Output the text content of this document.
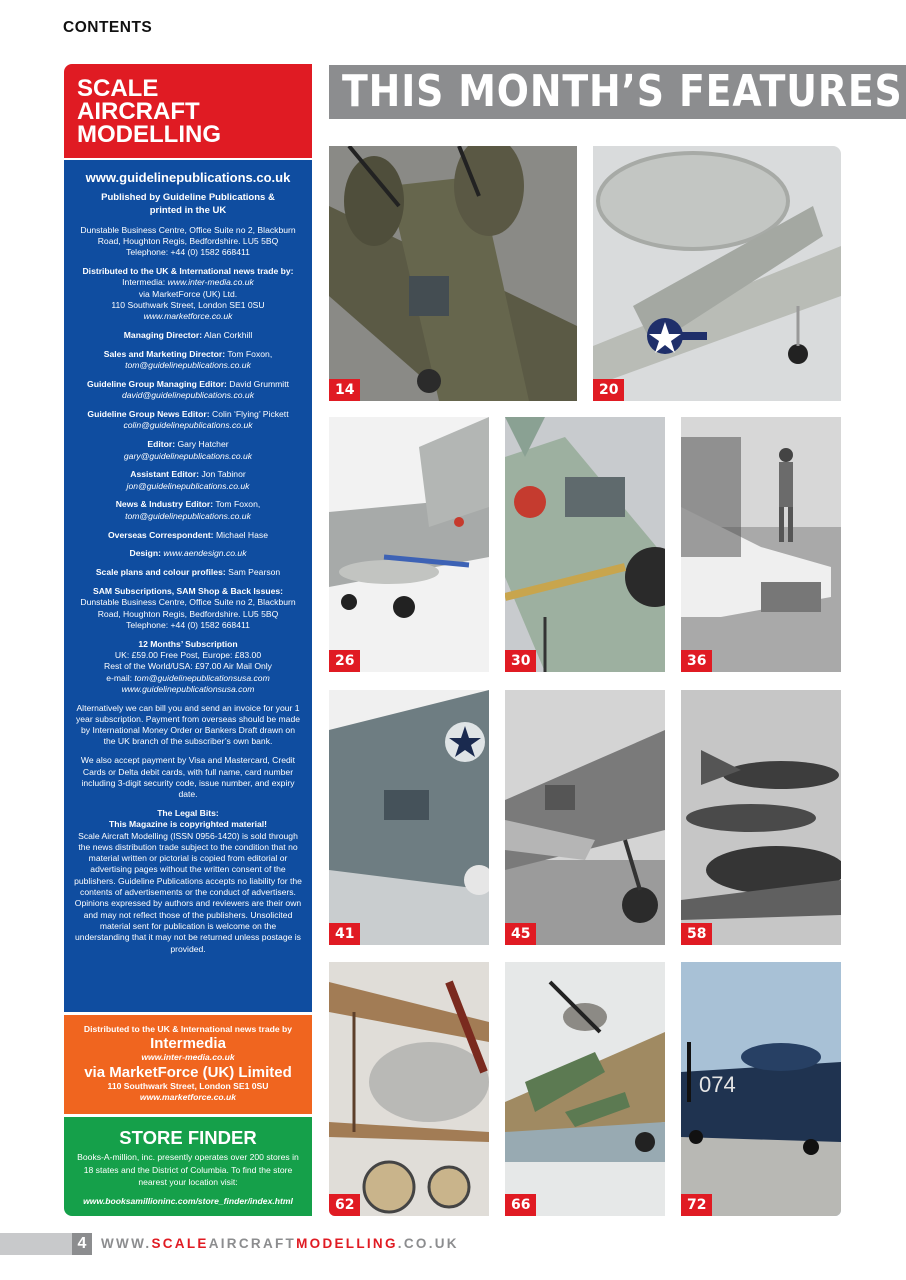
CONTENTS
SCALE
AIRCRAFT
MODELLING
www.guidelinepublications.co.uk
Published by Guideline Publications & printed in the UK
Dunstable Business Centre, Office Suite no 2, Blackburn Road, Houghton Regis, Bedfordshire. LU5 5BQ
Telephone: +44 (0) 1582 668411
Distributed to the UK & International news trade by:
Intermedia: www.inter-media.co.uk
via MarketForce (UK) Ltd.
110 Southwark Street, London SE1 0SU
www.marketforce.co.uk
Managing Director: Alan Corkhill
Sales and Marketing Director: Tom Foxon,
tom@guidelinepublications.co.uk
Guideline Group Managing Editor: David Grummitt
david@guidelinepublications.co.uk
Guideline Group News Editor: Colin ‘Flying’ Pickett
colin@guidelinepublications.co.uk
Editor: Gary Hatcher
gary@guidelinepublications.co.uk
Assistant Editor: Jon Tabinor
jon@guidelinepublications.co.uk
News & Industry Editor: Tom Foxon,
tom@guidelinepublications.co.uk
Overseas Correspondent: Michael Hase
Design: www.aendesign.co.uk
Scale plans and colour profiles: Sam Pearson
SAM Subscriptions, SAM Shop & Back Issues:
Dunstable Business Centre, Office Suite no 2, Blackburn Road, Houghton Regis, Bedfordshire. LU5 5BQ
Telephone: +44 (0) 1582 668411
12 Months’ Subscription
UK: £59.00 Free Post, Europe: £83.00
Rest of the World/USA: £97.00 Air Mail Only
e-mail: tom@guidelinepublicationsusa.com
www.guidelinepublicationsusa.com
Alternatively we can bill you and send an invoice for your 1 year subscription. Payment from overseas should be made by International Money Order or Bankers Draft drawn on the UK branch of the subscriber’s own bank.
We also accept payment by Visa and Mastercard, Credit Cards or Delta debit cards, with full name, card number including 3-digit security code, issue number, and expiry date.
The Legal Bits:
This Magazine is copyrighted material!
Scale Aircraft Modelling (ISSN 0956-1420) is sold through the news distribution trade subject to the condition that no material written or pictorial is copied from editorial or advertising pages without the written consent of the publishers. Guideline Publications accepts no liability for the contents of advertisements or the conduct of advertisers. Opinions expressed by authors and reviewers are their own and may not reflect those of the publishers. Unsolicited material sent for publication is welcome on the understanding that it may not be returned unless postage is provided.
Distributed to the UK & International news trade by
Intermedia
www.inter-media.co.uk
via MarketForce (UK) Limited
110 Southwark Street, London SE1 0SU
www.marketforce.co.uk
STORE FINDER
Books-A-million, inc. presently operates over 200 stores in 18 states and the District of Columbia. To find the store nearest your location visit:
www.booksamillioninc.com/store_finder/index.html
THIS MONTH’S FEATURES
14	20
26	30	36
41	45	58
62	66
074
72
4	WWW.SCALEAIRCRAFTMODELLING.CO.UK
